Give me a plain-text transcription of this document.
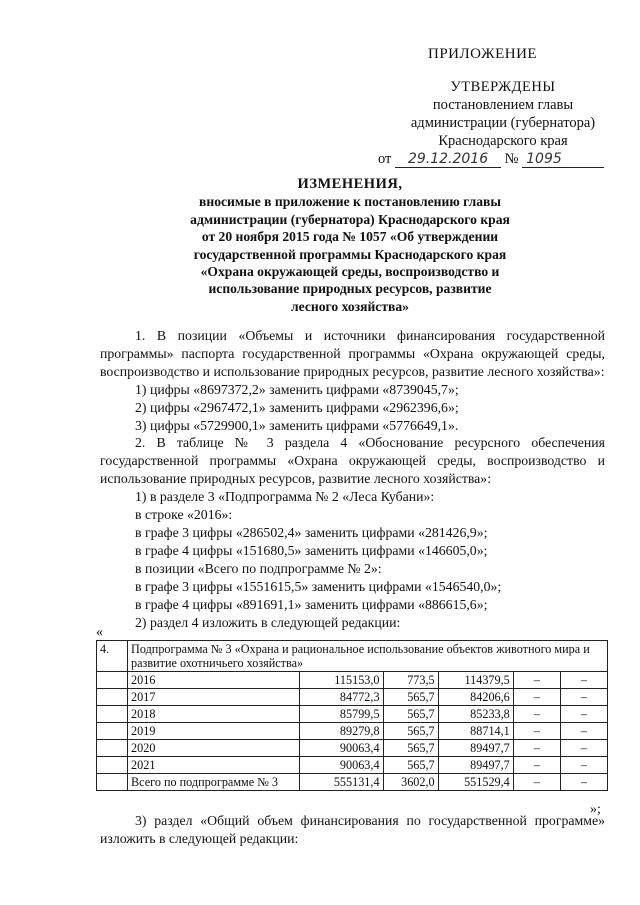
ПРИЛОЖЕНИЕ
УТВЕРЖДЕНЫ
постановлением главы
администрации (губернатора)
Краснодарского края
от 29.12.2016 № 1095
ИЗМЕНЕНИЯ,
вносимые в приложение к постановлению главы
администрации (губернатора) Краснодарского края
от 20 ноября 2015 года № 1057 «Об утверждении
государственной программы Краснодарского края
«Охрана окружающей среды, воспроизводство и
использование природных ресурсов, развитие
лесного хозяйства»

1. В позиции «Объемы и источники финансирования государственной программы» паспорта государственной программы «Охрана окружающей среды, воспроизводство и использование природных ресурсов, развитие лесного хозяйства»:

1) цифры «8697372,2» заменить цифрами «8739045,7»;

2) цифры «2967472,1» заменить цифрами «2962396,6»;

3) цифры «5729900,1» заменить цифрами «5776649,1».

2. В таблице № 3 раздела 4 «Обоснование ресурсного обеспечения государственной программы «Охрана окружающей среды, воспроизводство и использование природных ресурсов, развитие лесного хозяйства»:

1) в разделе 3 «Подпрограмма № 2 «Леса Кубани»:

в строке «2016»:

в графе 3 цифры «286502,4» заменить цифрами «281426,9»;

в графе 4 цифры «151680,5» заменить цифрами «146605,0»;

в позиции «Всего по подпрограмме № 2»:

в графе 3 цифры «1551615,5» заменить цифрами «1546540,0»;

в графе 4 цифры «891691,1» заменить цифрами «886615,6»;

2) раздел 4 изложить в следующей редакции:

«
4.	Подпрограмма № 3 «Охрана и рациональное использование объектов животного мира и развитие охотничьего хозяйства»					
	2016	115153,0	773,5	114379,5	–	–
	2017	84772,3	565,7	84206,6	–	–
	2018	85799,5	565,7	85233,8	–	–
	2019	89279,8	565,7	88714,1	–	–
	2020	90063,4	565,7	89497,7	–	–
	2021	90063,4	565,7	89497,7	–	–
	Всего по подпрограмме № 3	555131,4	3602,0	551529,4	–	–
»;

3) раздел «Общий объем финансирования по государственной программе» изложить в следующей редакции:
